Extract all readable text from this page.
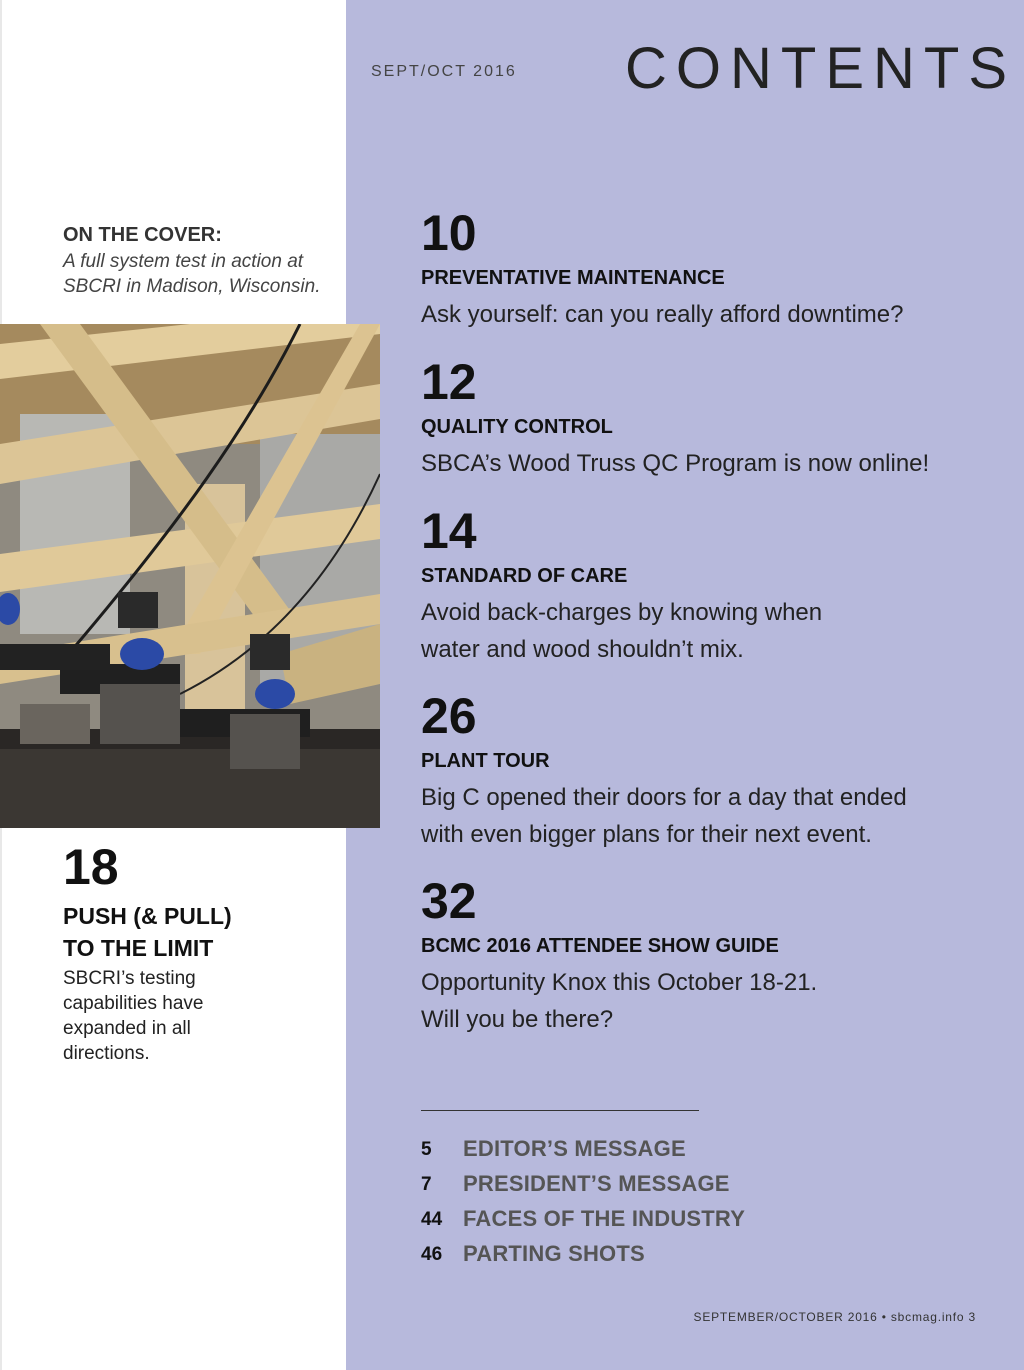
SEPT/OCT 2016 CONTENTS
ON THE COVER:
A full system test in action at
SBCRI in Madison, Wisconsin.
18
PUSH (& PULL)
TO THE LIMIT
SBCRI’s testing
capabilities have
expanded in all
directions.
10
PREVENTATIVE MAINTENANCE
Ask yourself: can you really afford downtime?
12
QUALITY CONTROL
SBCA’s Wood Truss QC Program is now online!
14
STANDARD OF CARE
Avoid back-charges by knowing when
water and wood shouldn’t mix.
26
PLANT TOUR
Big C opened their doors for a day that ended
with even bigger plans for their next event.
32
BCMC 2016 ATTENDEE SHOW GUIDE
Opportunity Knox this October 18-21.
Will you be there?
5 EDITOR’S MESSAGE
7 PRESIDENT’S MESSAGE
44 FACES OF THE INDUSTRY
46 PARTING SHOTS
SEPTEMBER/OCTOBER 2016 • sbcmag.info 3
